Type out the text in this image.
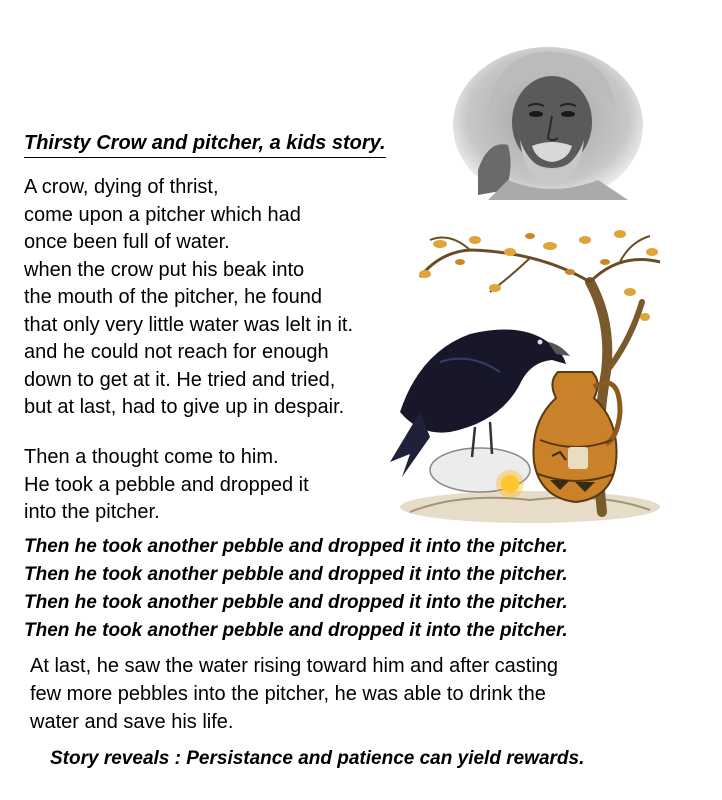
Thirsty Crow and pitcher, a kids story.
A crow, dying of thrist,
come upon a pitcher which had
once been full of water.
when the crow put his beak into
the mouth of the pitcher, he found
that only very little water was lelt in it.
and he could not reach for enough
down to get at it. He tried and tried,
but at last, had to give up in despair.
Then a thought come to him.
He took a pebble and dropped it
into the pitcher.
Then he took another pebble and dropped it into the pitcher.
Then he took another pebble and dropped it into the pitcher.
Then he took another pebble and dropped it into the pitcher.
Then he took another pebble and dropped it into the pitcher.
At last, he saw the water rising toward him and after casting
few more pebbles into the pitcher, he was able to drink the
water and save his life.
Story reveals : Persistance and patience can yield rewards.
